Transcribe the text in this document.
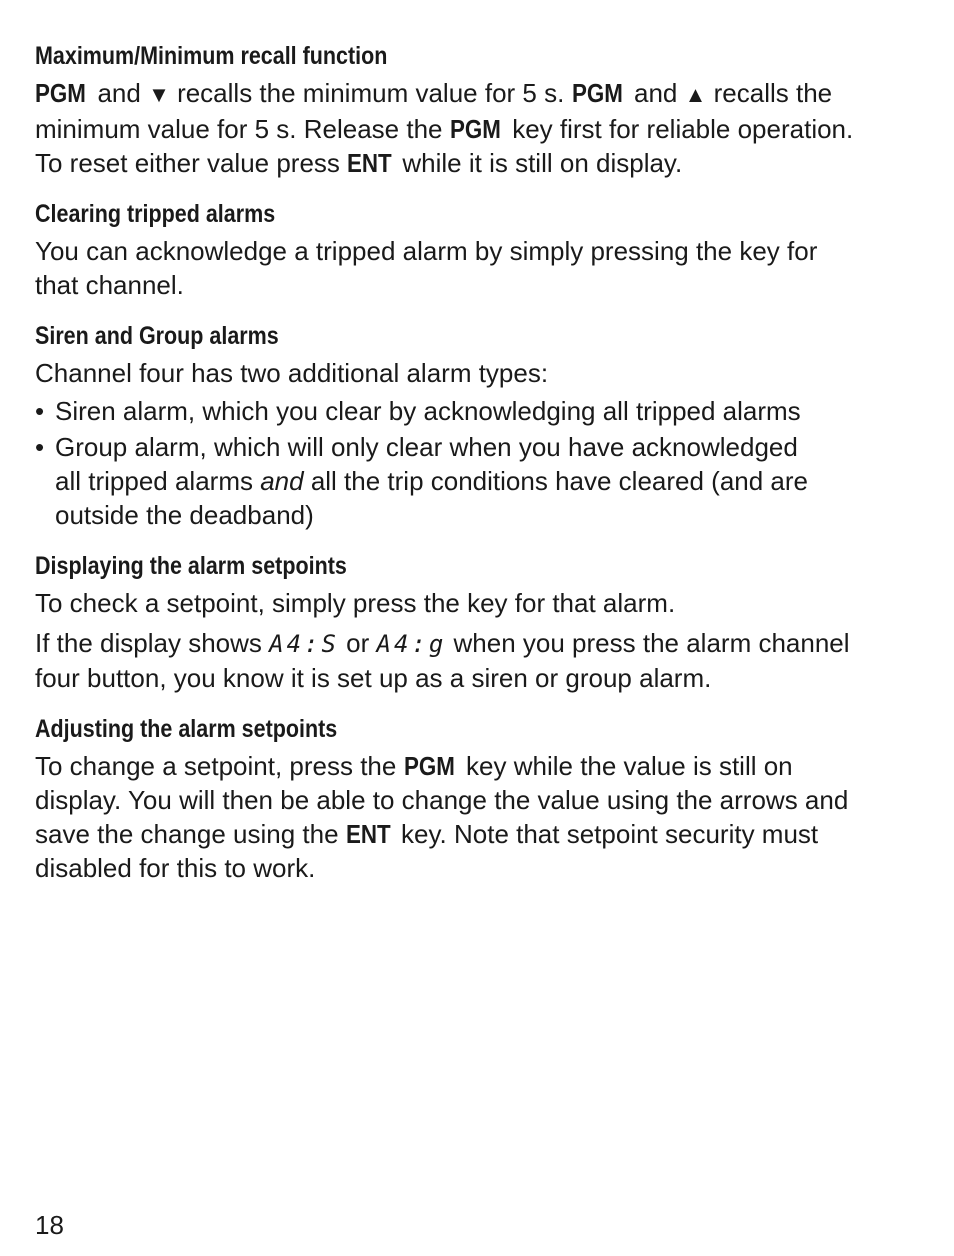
Maximum/Minimum recall function
PGM and ▼ recalls the minimum value for 5 s. PGM and ▲ recalls the
minimum value for 5 s. Release the PGM key first for reliable operation.
To reset either value press ENT while it is still on display.
Clearing tripped alarms
You can acknowledge a tripped alarm by simply pressing the key for
that channel.
Siren and Group alarms
Channel four has two additional alarm types:
• Siren alarm, which you clear by acknowledging all tripped alarms
• Group alarm, which will only clear when you have acknowledged
all tripped alarms and all the trip conditions have cleared (and are
outside the deadband)
Displaying the alarm setpoints
To check a setpoint, simply press the key for that alarm.
If the display shows A4:S or A4:g when you press the alarm channel
four button, you know it is set up as a siren or group alarm.
Adjusting the alarm setpoints
To change a setpoint, press the PGM key while the value is still on
display. You will then be able to change the value using the arrows and
save the change using the ENT key. Note that setpoint security must
disabled for this to work.
18
